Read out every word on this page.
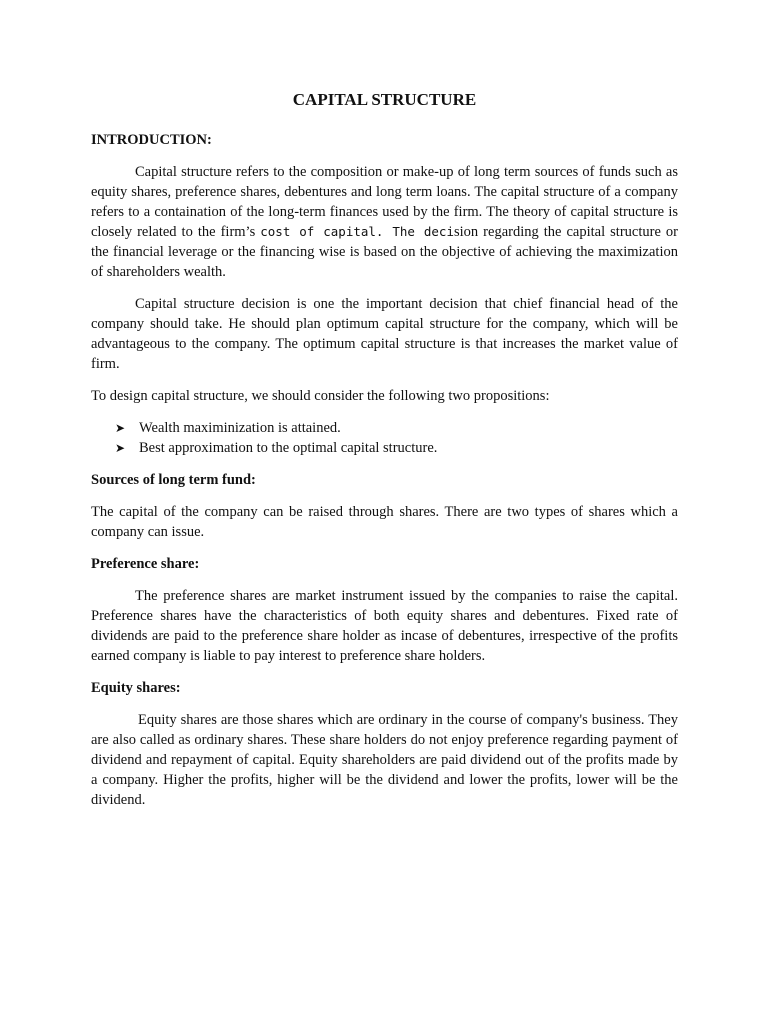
CAPITAL STRUCTURE
INTRODUCTION:

Capital structure refers to the composition or make-up of long term sources of funds such as equity shares, preference shares, debentures and long term loans. The capital structure of a company refers to a containation of the long-term finances used by the firm. The theory of capital structure is closely related to the firm’s cost of capital. The decision regarding the capital structure or the financial leverage or the financing wise is based on the objective of achieving the maximization of shareholders wealth.

Capital structure decision is one the important decision that chief financial head of the company should take. He should plan optimum capital structure for the company, which will be advantageous to the company. The optimum capital structure is that increases the market value of firm.

To design capital structure, we should consider the following two propositions:

➤ Wealth maximinization is attained.
➤ Best approximation to the optimal capital structure.
Sources of long term fund:

The capital of the company can be raised through shares. There are two types of shares which a company can issue.

Preference share:

The preference shares are market instrument issued by the companies to raise the capital. Preference shares have the characteristics of both equity shares and debentures. Fixed rate of dividends are paid to the preference share holder as incase of debentures, irrespective of the profits earned company is liable to pay interest to preference share holders.

Equity shares:

Equity shares are those shares which are ordinary in the course of company's business. They are also called as ordinary shares. These share holders do not enjoy preference regarding payment of dividend and repayment of capital. Equity shareholders are paid dividend out of the profits made by a company. Higher the profits, higher will be the dividend and lower the profits, lower will be the dividend.
